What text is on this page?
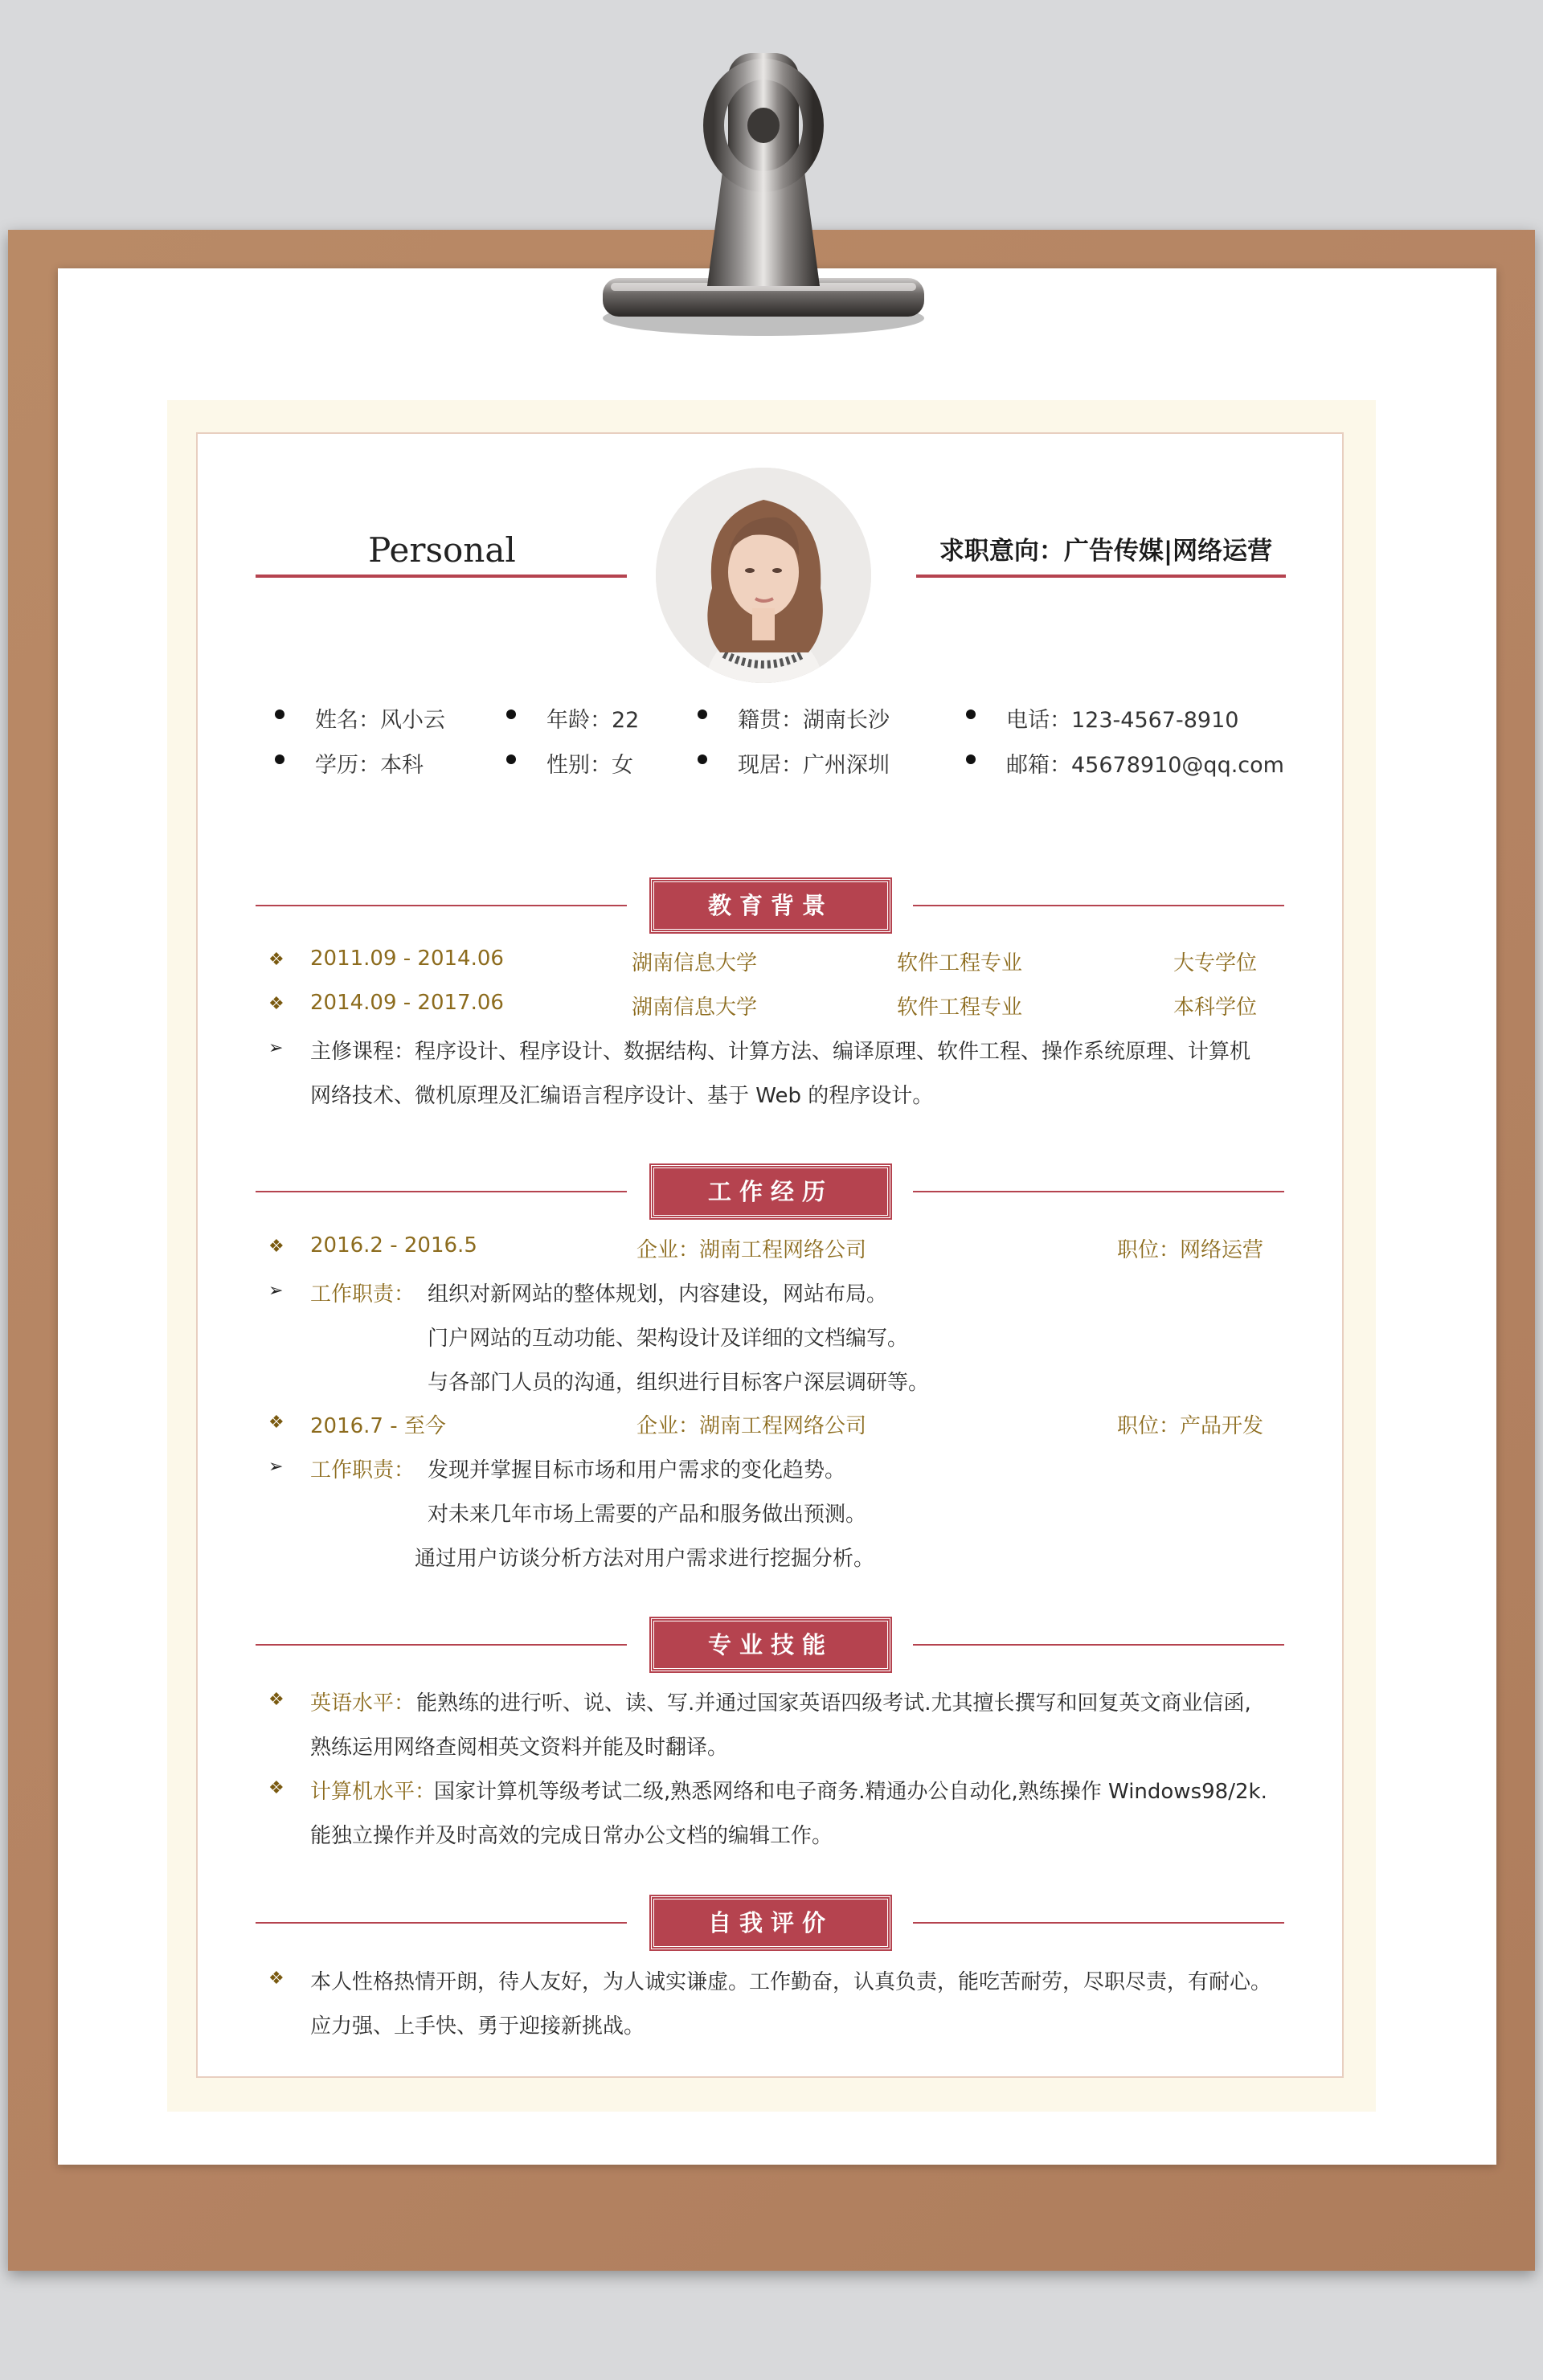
Personal	求职意向：广告传媒|网络运营
姓名：风小云	年龄：22	籍贯：湖南长沙	电话：123-4567-8910
学历：本科	性别：女	现居：广州深圳	邮箱：45678910@qq.com
教育背景
❖ 2011.09 - 2014.06	湖南信息大学	软件工程专业	大专学位
❖ 2014.09 - 2017.06	湖南信息大学	软件工程专业	本科学位
➢ 主修课程：程序设计、程序设计、数据结构、计算方法、编译原理、软件工程、操作系统原理、计算机
网络技术、微机原理及汇编语言程序设计、基于 Web 的程序设计。
工作经历
❖ 2016.2 - 2016.5	企业：湖南工程网络公司	职位：网络运营
➢ 工作职责： 组织对新网站的整体规划，内容建设，网站布局。
门户网站的互动功能、架构设计及详细的文档编写。
与各部门人员的沟通，组织进行目标客户深层调研等。
❖ 2016.7 - 至今	企业：湖南工程网络公司	职位：产品开发
➢ 工作职责： 发现并掌握目标市场和用户需求的变化趋势。
对未来几年市场上需要的产品和服务做出预测。
通过用户访谈分析方法对用户需求进行挖掘分析。
专业技能
❖ 英语水平： 能熟练的进行听、说、读、写.并通过国家英语四级考试.尤其擅长撰写和回复英文商业信函,
熟练运用网络查阅相英文资料并能及时翻译。
❖ 计算机水平：
国家计算机等级考试二级,熟悉网络和电子商务.精通办公自动化,熟练操作 Windows98/2k.
能独立操作并及时高效的完成日常办公文档的编辑工作。
自我评价
❖ 本人性格热情开朗，待人友好，为人诚实谦虚。工作勤奋，认真负责，能吃苦耐劳，尽职尽责，有耐心。
应力强、上手快、勇于迎接新挑战。
